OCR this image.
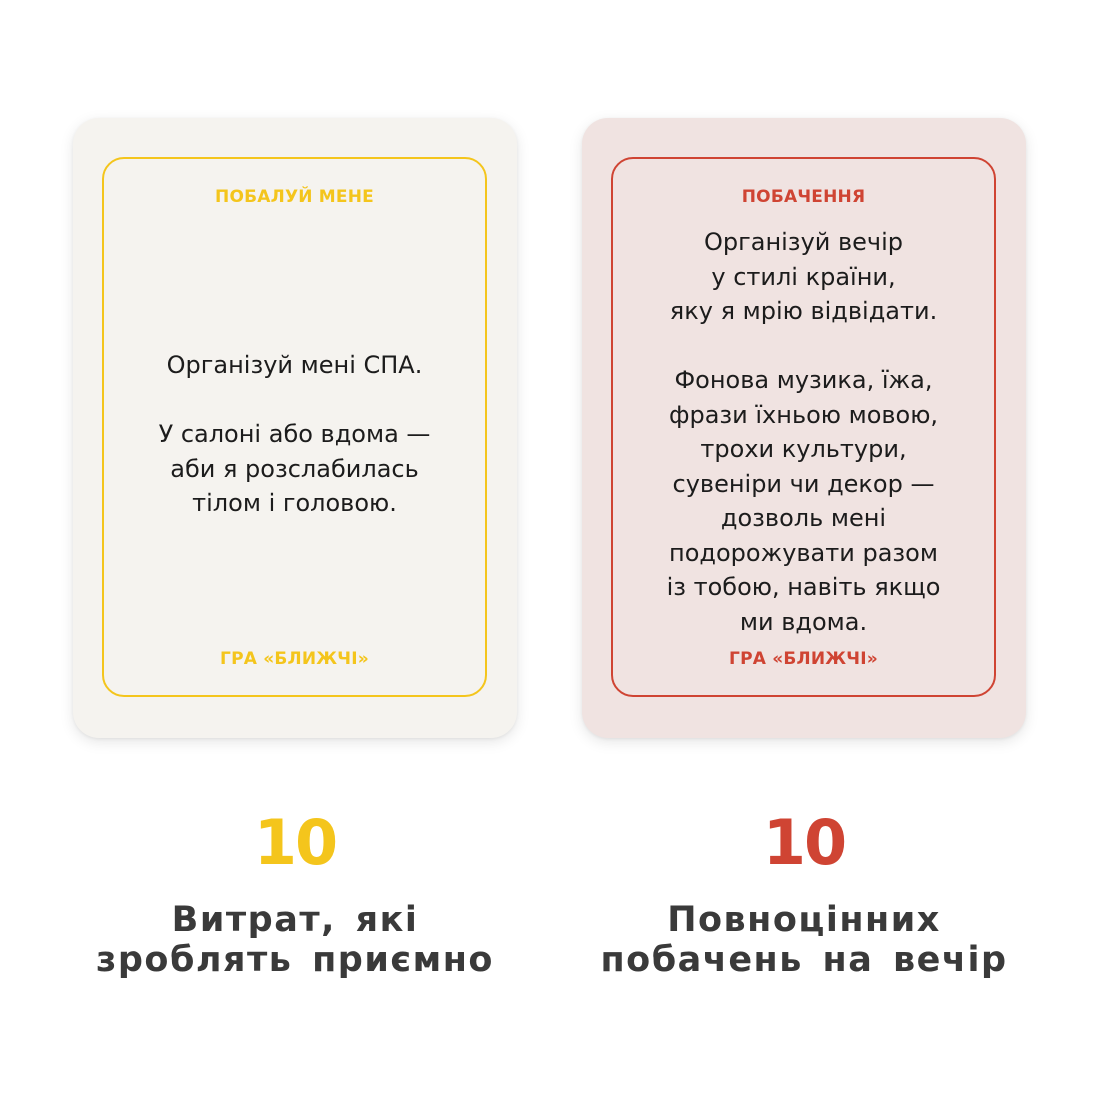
ПОБАЛУЙ МЕНЕ

Організуй мені СПА.

У салоні або вдома —
аби я розслабилась
тілом і головою.

ГРА «БЛИЖЧІ»
ПОБАЧЕННЯ

Організуй вечір
у стилі країни,
яку я мрію відвідати.

Фонова музика, їжа,
фрази їхньою мовою,
трохи культури,
сувеніри чи декор —
дозволь мені
подорожувати разом
із тобою, навіть якщо
ми вдома.

ГРА «БЛИЖЧІ»
10
Витрат, які
зроблять приємно
10
Повноцінних
побачень на вечір
